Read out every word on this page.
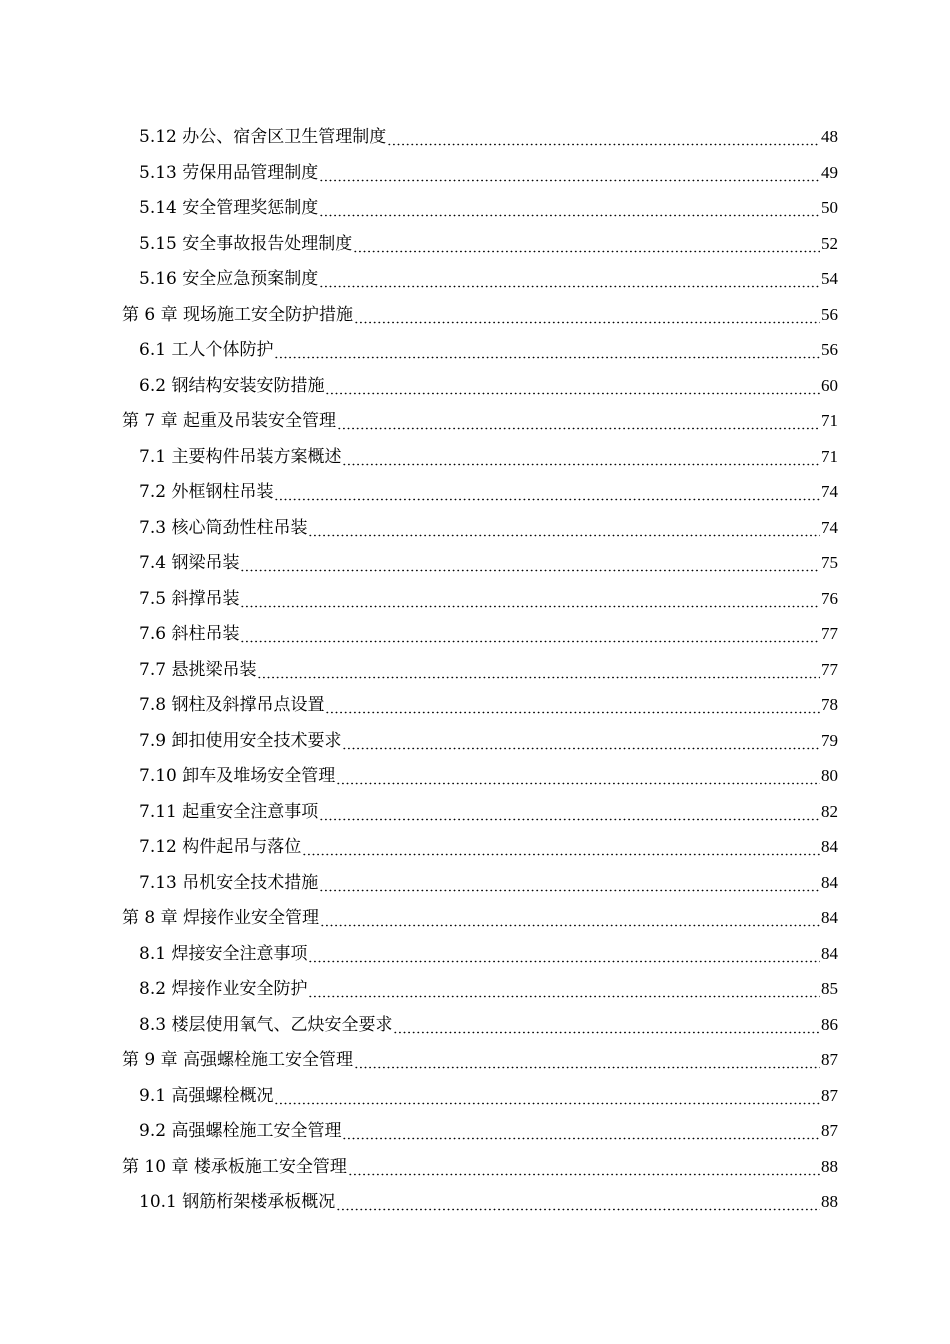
5.12 办公、宿舍区卫生管理制度	48
5.13 劳保用品管理制度	49
5.14 安全管理奖惩制度	50
5.15 安全事故报告处理制度	52
5.16 安全应急预案制度	54
第 6 章 现场施工安全防护措施	56
6.1 工人个体防护	56
6.2 钢结构安装安防措施	60
第 7 章 起重及吊装安全管理	71
7.1 主要构件吊装方案概述	71
7.2 外框钢柱吊装	74
7.3 核心筒劲性柱吊装	74
7.4 钢梁吊装	75
7.5 斜撑吊装	76
7.6 斜柱吊装	77
7.7 悬挑梁吊装	77
7.8 钢柱及斜撑吊点设置	78
7.9 卸扣使用安全技术要求	79
7.10 卸车及堆场安全管理	80
7.11 起重安全注意事项	82
7.12 构件起吊与落位	84
7.13 吊机安全技术措施	84
第 8 章 焊接作业安全管理	84
8.1 焊接安全注意事项	84
8.2 焊接作业安全防护	85
8.3 楼层使用氧气、乙炔安全要求	86
第 9 章 高强螺栓施工安全管理	87
9.1 高强螺栓概况	87
9.2 高强螺栓施工安全管理	87
第 10 章 楼承板施工安全管理	88
10.1 钢筋桁架楼承板概况	88
